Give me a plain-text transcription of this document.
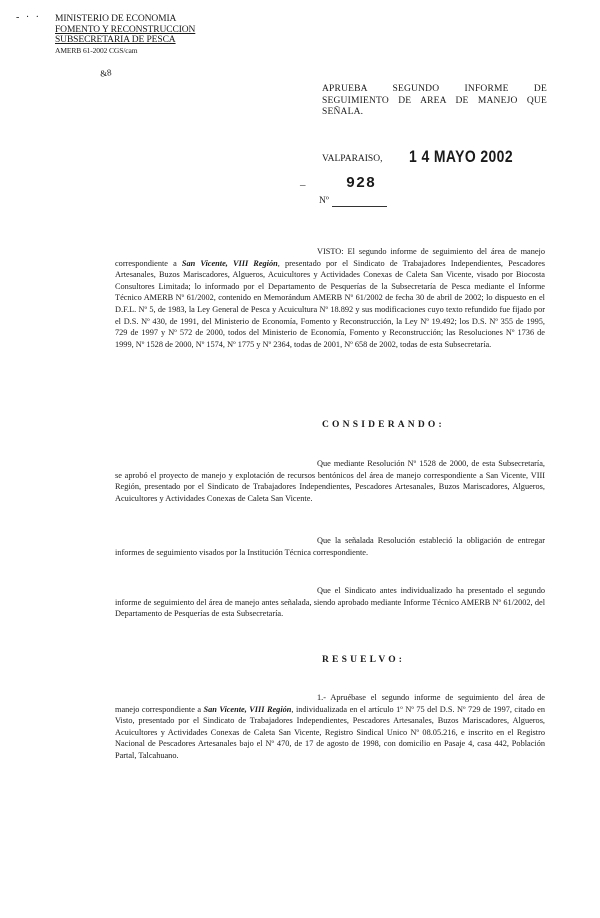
- · · MINISTERIO DE ECONOMIA
FOMENTO Y RECONSTRUCCION
SUBSECRETARIA DE PESCA
AMERB 61-2002 CGS/cam
&8
APRUEBA SEGUNDO INFORME DE SEGUIMIENTO DE AREA DE MANEJO QUE SEÑALA.
VALPARAISO, 1 4 MAYO 2002
–	928
Nº
VISTO: El segundo informe de seguimiento del área de manejo correspondiente a San Vicente, VIII Región, presentado por el Sindicato de Trabajadores Independientes, Pescadores Artesanales, Buzos Mariscadores, Algueros, Acuicultores y Actividades Conexas de Caleta San Vicente, visado por Biocosta Consultores Limitada; lo informado por el Departamento de Pesquerías de la Subsecretaría de Pesca mediante el Informe Técnico AMERB Nº 61/2002, contenido en Memorándum AMERB Nº 61/2002 de fecha 30 de abril de 2002; lo dispuesto en el D.F.L. Nº 5, de 1983, la Ley General de Pesca y Acuicultura Nº 18.892 y sus modificaciones cuyo texto refundido fue fijado por el D.S. Nº 430, de 1991, del Ministerio de Economía, Fomento y Reconstrucción, la Ley Nº 19.492; los D.S. Nº 355 de 1995, 729 de 1997 y Nº 572 de 2000, todos del Ministerio de Economía, Fomento y Reconstrucción; las Resoluciones Nº 1736 de 1999, Nº 1528 de 2000, Nº 1574, Nº 1775 y Nº 2364, todas de 2001, Nº 658 de 2002, todas de esta Subsecretaría.
CONSIDERANDO:
Que mediante Resolución Nº 1528 de 2000, de esta Subsecretaría, se aprobó el proyecto de manejo y explotación de recursos bentónicos del área de manejo correspondiente a San Vicente, VIII Región, presentado por el Sindicato de Trabajadores Independientes, Pescadores Artesanales, Buzos Mariscadores, Algueros, Acuicultores y Actividades Conexas de Caleta San Vicente.
Que la señalada Resolución estableció la obligación de entregar informes de seguimiento visados por la Institución Técnica correspondiente.
Que el Sindicato antes individualizado ha presentado el segundo informe de seguimiento del área de manejo antes señalada, siendo aprobado mediante Informe Técnico AMERB Nº 61/2002, del Departamento de Pesquerías de esta Subsecretaría.
RESUELVO:
1.- Apruébase el segundo informe de seguimiento del área de manejo correspondiente a San Vicente, VIII Región, individualizada en el artículo 1º Nº 75 del D.S. Nº 729 de 1997, citado en Visto, presentado por el Sindicato de Trabajadores Independientes, Pescadores Artesanales, Buzos Mariscadores, Algueros, Acuicultores y Actividades Conexas de Caleta San Vicente, Registro Sindical Unico Nº 08.05.216, e inscrito en el Registro Nacional de Pescadores Artesanales bajo el Nº 470, de 17 de agosto de 1998, con domicilio en Pasaje 4, casa 442, Población Partal, Talcahuano.
